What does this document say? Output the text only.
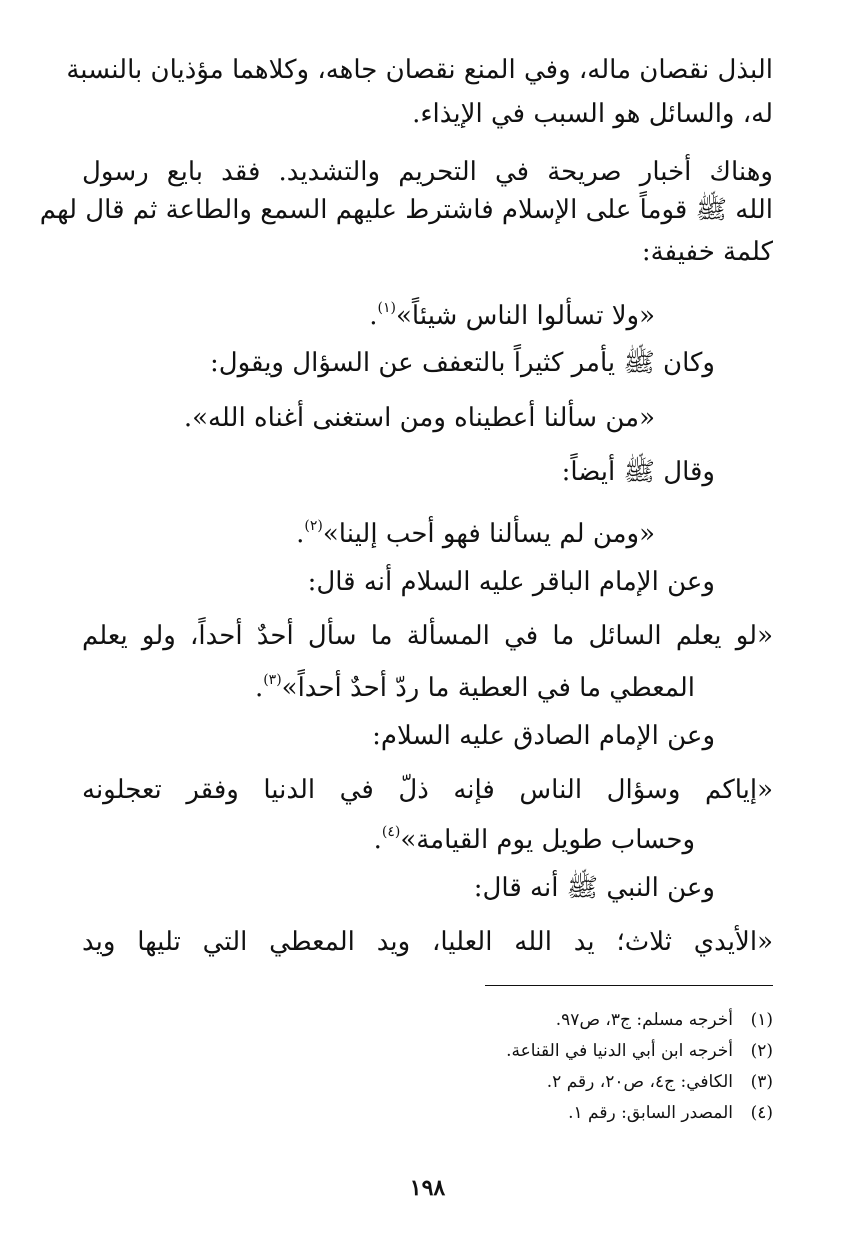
البذل نقصان ماله، وفي المنع نقصان جاهه، وكلاهما مؤذيان بالنسبة
له، والسائل هو السبب في الإيذاء.
وهناك أخبار صريحة في التحريم والتشديد. فقد بايع رسول
الله ﷺ قوماً على الإسلام فاشترط عليهم السمع والطاعة ثم قال لهم
كلمة خفيفة:
«ولا تسألوا الناس شيئاً»$^{(١)}$.
وكان ﷺ يأمر كثيراً بالتعفف عن السؤال ويقول:
«من سألنا أعطيناه ومن استغنى أغناه الله».
وقال ﷺ أيضاً:
«ومن لم يسألنا فهو أحب إلينا»$^{(٢)}$.
وعن الإمام الباقر عليه السلام أنه قال:
«لو يعلم السائل ما في المسألة ما سأل أحدٌ أحداً، ولو يعلم
المعطي ما في العطية ما ردّ أحدٌ أحداً»$^{(٣)}$.
وعن الإمام الصادق عليه السلام:
«إياكم وسؤال الناس فإنه ذلّ في الدنيا وفقر تعجلونه
وحساب طويل يوم القيامة»$^{(٤)}$.
وعن النبي ﷺ أنه قال:
«الأيدي ثلاث؛ يد الله العليا، ويد المعطي التي تليها ويد
(١)أخرجه مسلم: ج٣، ص٩٧.
(٢)أخرجه ابن أبي الدنيا في القناعة.
(٣)الكافي: ج٤، ص٢٠، رقم ٢.
(٤)المصدر السابق: رقم ١.
١٩٨
